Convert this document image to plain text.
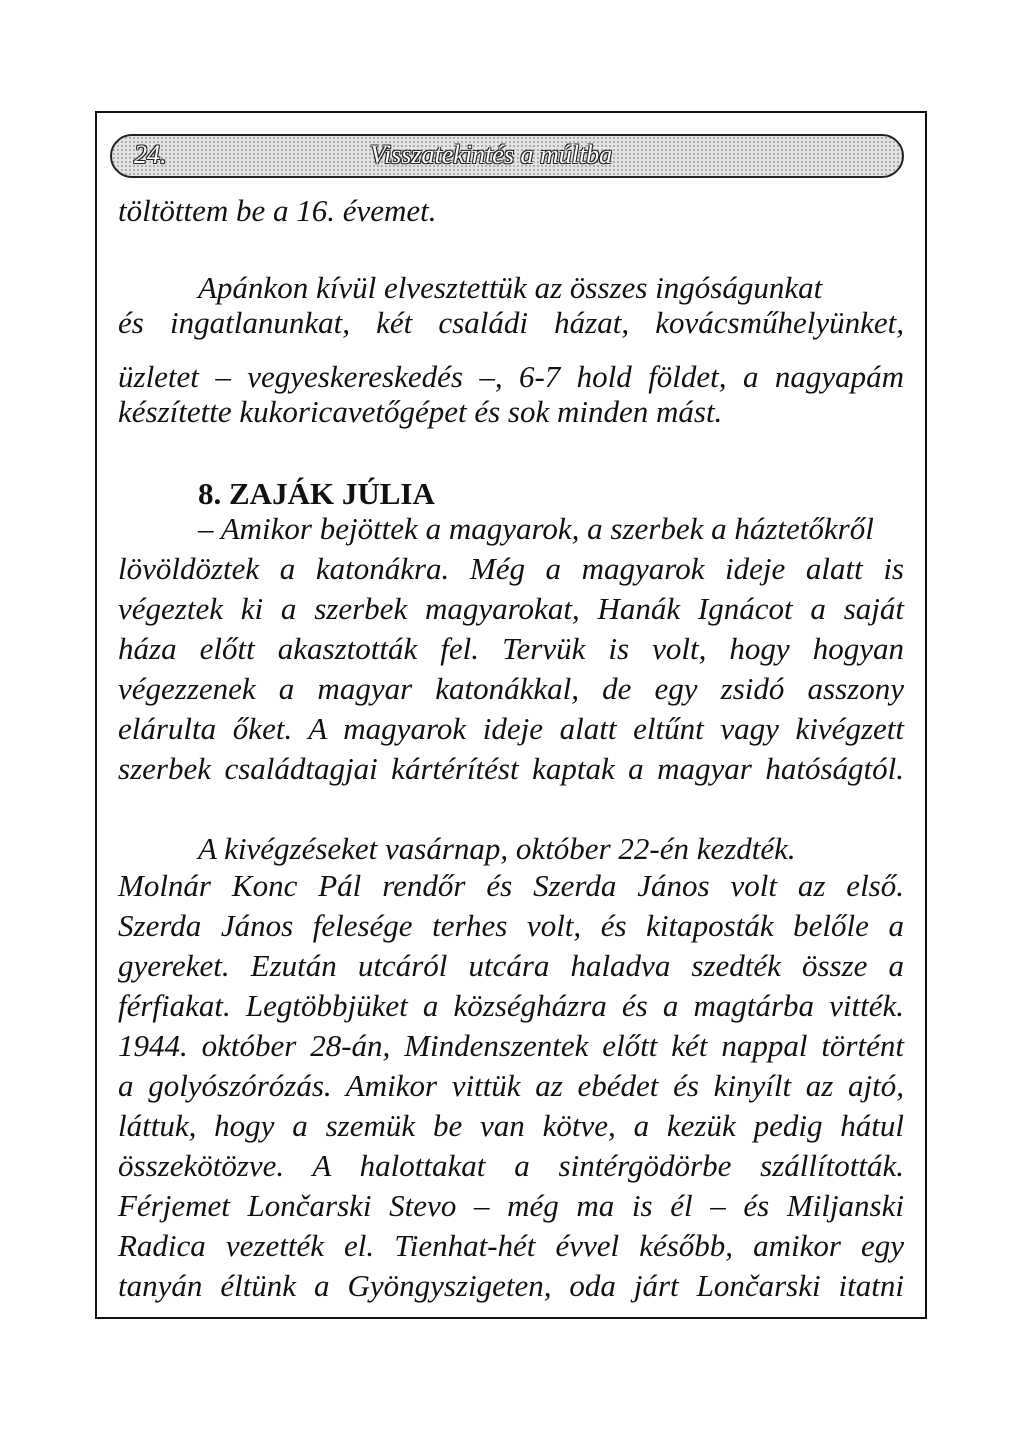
24.	Visszatekintés a múltba

töltöttem be a 16. évemet.

Apánkon kívül elvesztettük az összes ingóságunkat

és ingatlanunkat, két családi házat, kovácsműhelyünket,

üzletet – vegyeskereskedés –, 6-7 hold földet, a nagyapám

készítette kukoricavetőgépet és sok minden mást.

8. ZAJÁK JÚLIA

– Amikor bejöttek a magyarok, a szerbek a háztetőkről

lövöldöztek a katonákra. Még a magyarok ideje alatt is

végeztek ki a szerbek magyarokat, Hanák Ignácot a saját

háza előtt akasztották fel. Tervük is volt, hogy hogyan

végezzenek a magyar katonákkal, de egy zsidó asszony

elárulta őket. A magyarok ideje alatt eltűnt vagy kivégzett

szerbek családtagjai kártérítést kaptak a magyar hatóságtól.

A kivégzéseket vasárnap, október 22-én kezdték.

Molnár Konc Pál rendőr és Szerda János volt az első.

Szerda János felesége terhes volt, és kitaposták belőle a

gyereket. Ezután utcáról utcára haladva szedték össze a

férfiakat. Legtöbbjüket a községházra és a magtárba vitték.

1944. október 28-án, Mindenszentek előtt két nappal történt

a golyószórózás. Amikor vittük az ebédet és kinyílt az ajtó,

láttuk, hogy a szemük be van kötve, a kezük pedig hátul

összekötözve. A halottakat a sintérgödörbe szállították.

Férjemet Lončarski Stevo – még ma is él – és Miljanski

Radica vezették el. Tienhat-hét évvel később, amikor egy

tanyán éltünk a Gyöngyszigeten, oda járt Lončarski itatni
